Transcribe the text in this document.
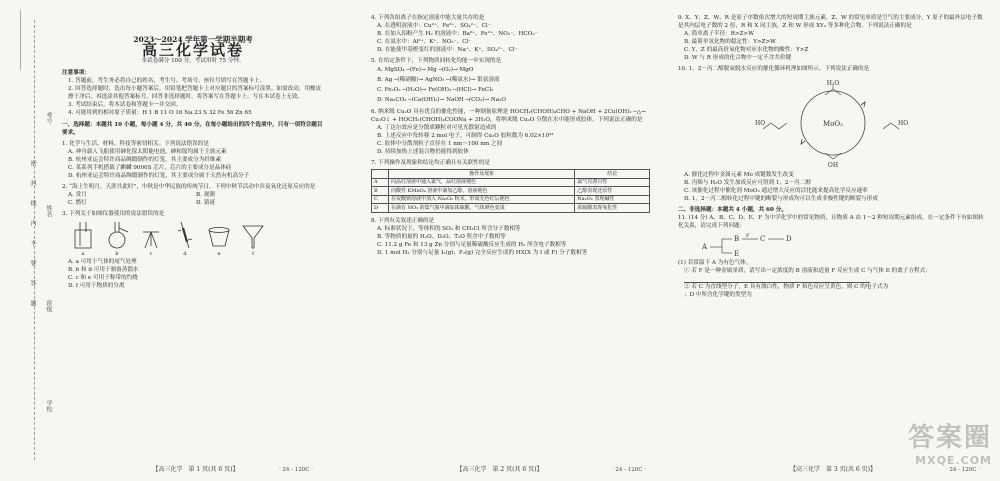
考号
姓名
班级
学校
密
封
线
内
不
要
答
题
2023～2024 学年第一学期半期考
高三化学试卷
本试卷满分 100 分，考试用时 75 分钟。
注意事项：
1. 答题前，考生务必将自己的姓名、考生号、考场号、座位号填写在答题卡上。
2. 回答选择题时，选出每小题答案后，用铅笔把答题卡上对应题目的答案标号涂黑。如需改动，用橡皮擦干净后，再选涂其他答案标号。回答非选择题时，将答案写在答题卡上。写在本试卷上无效。
3. 考试结束后，将本试卷和答题卡一并交回。
4. 可能用到的相对原子质量：H 1 B 11 O 16 Na 23 S 32 Fe 56 Zn 65
一、选择题：本题共 10 小题，每小题 4 分，共 40 分。在每小题给出的四个选项中，只有一项符合题目要求。
1. 化学与生活、材料、科技等密切相关。下列说法错误的是
A. 神舟载人飞船使用砷化镓太阳能电池，砷和镓均属于主族元素
B. 杭州亚运会特许商品绸缎制作的灯笼，其主要成分为纤维素
C. 某系列手机搭载了麒麟 9000S 芯片，芯片的主要成分是晶体硅
D. 杭州亚运会特许商品绸缎制作的灯笼，其主要成分属于天然有机高分子
2. “海上生明月，天涯共此时”，中秋是中华民族的传统节日，下列中秋节活动中涉及氧化还原反应的是
A. 赏月	B. 观潮
C. 燃灯	D. 猜谜
3. 下列关于如图仪器使用的说法错误的是
a	b	c	d	e	f
A. a 可用于气体的尾气处理
B. b 和 d 可用于制备蒸馏水
C. c 和 e 可用于称带的灼烧
D. f 可用于物质的分离
【高三化学　第 1 页(共 6 页)】	· 24 - 120C ·
4. 下列各组离子在指定溶液中能大量共存的是
A. 在透明溶液中：Cu²⁺、Fe²⁺、SO₄²⁻、Cl⁻
B. 在加入铝粉产生 H₂ 的溶液中：Ba²⁺、Fe²⁺、NO₃⁻、HCO₃⁻
C. 在氨水中：Al³⁺、K⁺、NO₃⁻、Cl⁻
D. 在能使甲基橙变红的溶液中：Na⁺、K⁺、SO₄²⁻、Cl⁻
5. 在给定条件下，下列物质间转化均能一步实现的是
A. MgSO₄ ─(Fe)→ Mg ─(O₂)→ MgO
B. Ag ─(稀硝酸)→ AgNO₃ ─(稀氨水)→ 银氨溶液
C. Fe₂O₃ ─(H₂O)→ Fe(OH)₃ ─(HCl)→ FeCl₃
D. Na₂CO₃ ─(Ca(OH)₂)→ NaOH ─(CO₂)→ Na₂O
6. 纳米级 Cu₂O 具有优良的催化性能，一种制备原理是 HOCH₂(CHOH)₄CHO + NaOH + 2Cu(OH)₂ ─△→ Cu₂O↓ + HOCH₂(CHOH)₄COONa + 3H₂O，将纳米级 Cu₂O 分散在水中能形成胶体。下列说法正确的是
A. 丁达尔效应是分散质颗粒对可见光散射造成的
B. 上述反应中每转移 2 mol 电子，可制得 Cu₂O 胶粒数为 6.02×10²³
C. 胶体中分散剂粒子直径在 1 nm～100 nm 之间
D. 持续加热上述混合物仍能得到胶体
7. 下列操作及现象和结论均正确且有关联性的是
	操作及现象	结论
A	向品红溶液中通入氯气，品红溶液褪色	氯气有漂白性
B	向酸性 KMnO₄ 溶液中滴加乙醇，溶液褪色	乙醇表现还原性
C	在炭酸钠溶液中加入 Na₂O₂ 粉末，形成无色红后褪色	Na₂O₂ 表现碱性
D	在滴有 NO₂ 的集气瓶中滴加浓硫酸，气体颜色变浅	浓硫酸表现氧化性
8. 下列有关叙述正确的是
A. 标准状况下，等体积的 SO₃ 和 CH₃Cl 所含分子数相等
B. 等物质的量的 H₂O、D₂O、T₂O 所含中子数相等
C. 11.2 g Fe 和 13 g Zn 分别与足量稀硫酸反应生成的 H₂ 所含电子数相等
D. 1 mol H₂ 分别与足量 I₂(g)、F₂(g) 完全反应生成的 HX(X 为 I 或 F) 分子数相等
【高三化学　第 2 页(共 6 页)】	· 24 - 120C ·
9. X、Y、Z、W、R 是原子序数依次增大的短周期主族元素，Z、W 的常见单质是空气的主要成分，Y 原子的最外层电子数是其内层电子数的 2 倍，R 和 X 同主族，Z 和 W 形成 XY₂ 等多种化合物。下列说法正确的是
A. 简单离子半径：R>Z>W
B. 最简单氢化物的稳定性：Y>Z>W
C. Y、Z 的最高价氧化物对应水化物的酸性：Y>Z
D. W 与 R 形成的化合物中一定不含共价键
10. 1，2－丙二醇脱氧脱水反应的催化循环机理如图所示。下列说法正确的是
MoO₃
H₂O
HO	HO
OH
A. 催化过程中金属元素 Mo 成键数发生改变
B. 丙烯与 H₂O 发生加成反应可得到 1，2－丙二醇
C. 该催化过程中催化剂 MoO₃ 通过增大反应的活化能来提高化学反应速率
D. 1，2－丙二醇转化过程中键的断裂与形成均可以生成非极性键的断裂与形成
二、非选择题：本题共 4 小题，共 60 分。
11. (14 分) A、B、C、D、E、F 为中学化学中的常见物质，且物质 A 由 1～2 种短周期元素组成，在一定条件下有如图转化关系，请完成下列问题：
A
B
E
F C	D
(1) 若常温下 A 为有色气体。
① 若 F 是一种金属单质，请写出一定浓度的 B 溶液和适量 F 反应生成 C 与气体 E 的离子方程式：
② 若 C 为直线型分子，E 具有漂白性，物质 F 焰色反应呈黄色，则 C 的电子式为
；D 中所含化学键的类型为
【高三化学　第 3 页(共 6 页)】	· 24 - 120C ·
答案圈
MXQE.COM
